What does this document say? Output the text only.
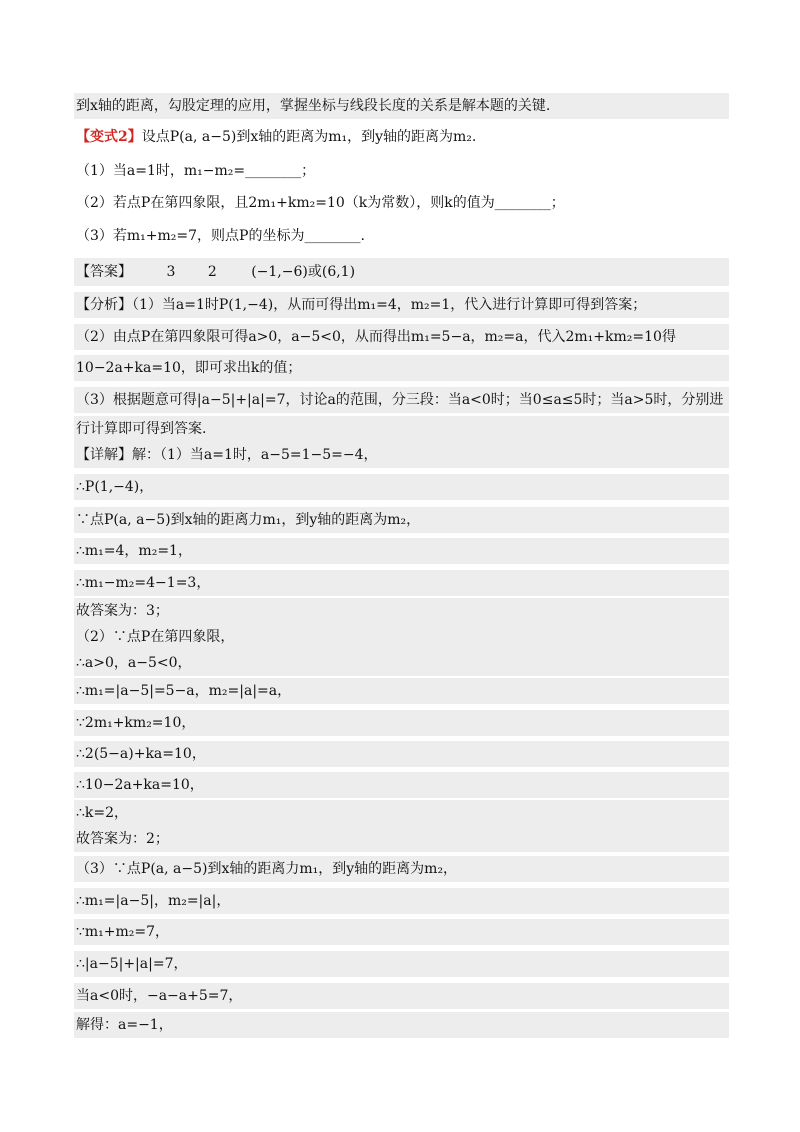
到x轴的距离，勾股定理的应用，掌握坐标与线段长度的关系是解本题的关键.
【变式2】设点P(a, a−5)到x轴的距离为m₁，到y轴的距离为m₂.
（1）当a=1时，m₁−m₂=________；
（2）若点P在第四象限，且2m₁+km₂=10（k为常数），则k的值为________；
（3）若m₁+m₂=7，则点P的坐标为________.
【答案】 3 2 (−1,−6)或(6,1)
【分析】（1）当a=1时P(1,−4)，从而可得出m₁=4，m₂=1，代入进行计算即可得到答案；
（2）由点P在第四象限可得a>0，a−5<0，从而得出m₁=5−a，m₂=a，代入2m₁+km₂=10得
10−2a+ka=10，即可求出k的值；
（3）根据题意可得|a−5|+|a|=7，讨论a的范围，分三段：当a<0时；当0≤a≤5时；当a>5时，分别进
行计算即可得到答案.
【详解】解：（1）当a=1时，a−5=1−5=−4，
∴P(1,−4)，
∵点P(a, a−5)到x轴的距离力m₁，到y轴的距离为m₂，
∴m₁=4，m₂=1，
∴m₁−m₂=4−1=3，
故答案为：3；
（2）∵点P在第四象限，
∴a>0，a−5<0，
∴m₁=|a−5|=5−a，m₂=|a|=a，
∵2m₁+km₂=10，
∴2(5−a)+ka=10，
∴10−2a+ka=10，
∴k=2，
故答案为：2；
（3）∵点P(a, a−5)到x轴的距离力m₁，到y轴的距离为m₂，
∴m₁=|a−5|，m₂=|a|，
∵m₁+m₂=7，
∴|a−5|+|a|=7，
当a<0时，−a−a+5=7，
解得：a=−1，
